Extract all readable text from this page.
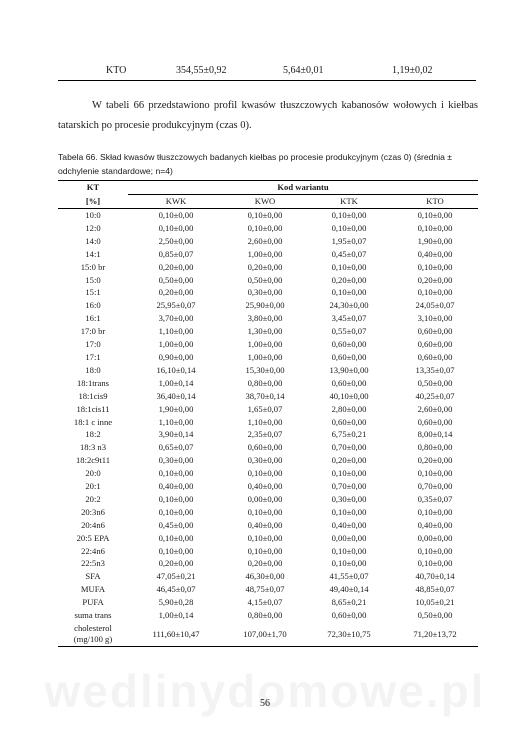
KTO	354,55±0,92	5,64±0,01	1,19±0,02
W tabeli 66 przedstawiono profil kwasów tłuszczowych kabanosów wołowych i kiełbas tatarskich po procesie produkcyjnym (czas 0).
Tabela 66. Skład kwasów tłuszczowych badanych kiełbas po procesie produkcyjnym (czas 0) (średnia ± odchylenie standardowe; n=4)
KT	Kod wariantu			
[%]	KWK	KWO	KTK	KTO
10:0	0,10±0,00	0,10±0,00	0,10±0,00	0,10±0,00
12:0	0,10±0,00	0,10±0,00	0,10±0,00	0,10±0,00
14:0	2,50±0,00	2,60±0,00	1,95±0,07	1,90±0,00
14:1	0,85±0,07	1,00±0,00	0,45±0,07	0,40±0,00
15:0 br	0,20±0,00	0,20±0,00	0,10±0,00	0,10±0,00
15:0	0,50±0,00	0,50±0,00	0,20±0,00	0,20±0,00
15:1	0,20±0,00	0,30±0,00	0,10±0,00	0,10±0,00
16:0	25,95±0,07	25,90±0,00	24,30±0,00	24,05±0,07
16:1	3,70±0,00	3,80±0,00	3,45±0,07	3,10±0,00
17:0 br	1,10±0,00	1,30±0,00	0,55±0,07	0,60±0,00
17:0	1,00±0,00	1,00±0,00	0,60±0,00	0,60±0,00
17:1	0,90±0,00	1,00±0,00	0,60±0,00	0,60±0,00
18:0	16,10±0,14	15,30±0,00	13,90±0,00	13,35±0,07
18:1trans	1,00±0,14	0,80±0,00	0,60±0,00	0,50±0,00
18:1cis9	36,40±0,14	38,70±0,14	40,10±0,00	40,25±0,07
18:1cis11	1,90±0,00	1,65±0,07	2,80±0,00	2,60±0,00
18:1 c inne	1,10±0,00	1,10±0,00	0,60±0,00	0,60±0,00
18:2	3,90±0,14	2,35±0,07	6,75±0,21	8,00±0,14
18:3 n3	0,65±0,07	0,60±0,00	0,70±0,00	0,80±0,00
18:2c9t11	0,30±0,00	0,30±0,00	0,20±0,00	0,20±0,00
20:0	0,10±0,00	0,10±0,00	0,10±0,00	0,10±0,00
20:1	0,40±0,00	0,40±0,00	0,70±0,00	0,70±0,00
20:2	0,10±0,00	0,00±0,00	0,30±0,00	0,35±0,07
20:3n6	0,10±0,00	0,10±0,00	0,10±0,00	0,10±0,00
20:4n6	0,45±0,00	0,40±0,00	0,40±0,00	0,40±0,00
20:5 EPA	0,10±0,00	0,10±0,00	0,00±0,00	0,00±0,00
22:4n6	0,10±0,00	0,10±0,00	0,10±0,00	0,10±0,00
22:5n3	0,20±0,00	0,20±0,00	0,10±0,00	0,10±0,00
SFA	47,05±0,21	46,30±0,00	41,55±0,07	40,70±0,14
MUFA	46,45±0,07	48,75±0,07	49,40±0,14	48,85±0,07
PUFA	5,90±0,28	4,15±0,07	8,65±0,21	10,05±0,21
suma trans	1,00±0,14	0,80±0,00	0,60±0,00	0,50±0,00
cholesterol
(mg/100 g)	111,60±10,47	107,00±1,70	72,30±10,75	71,20±13,72
56
